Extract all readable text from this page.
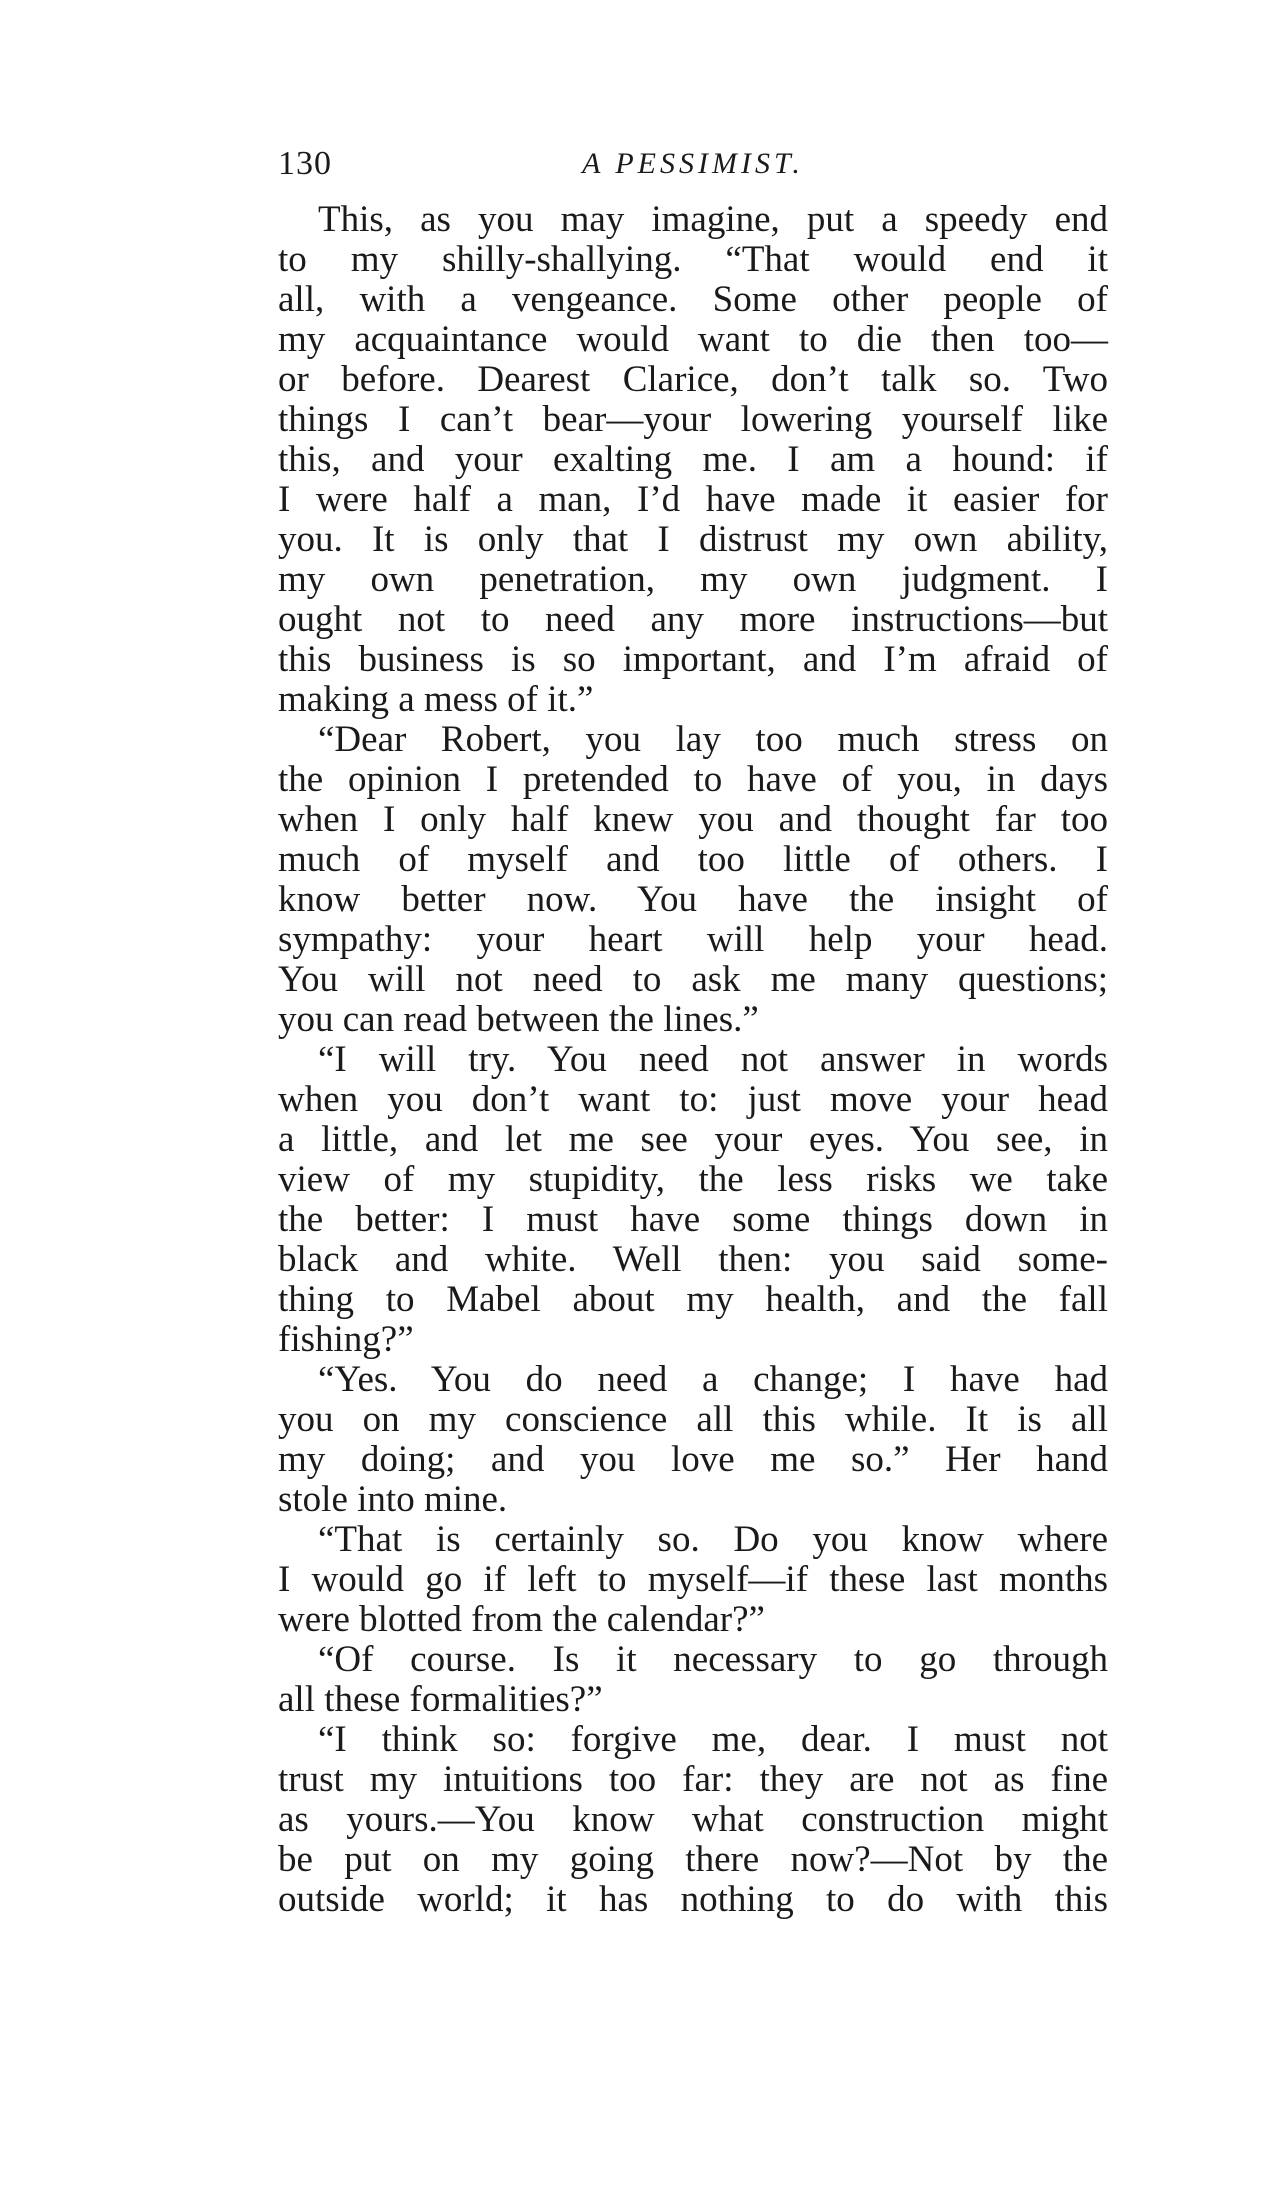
130	A PESSIMIST.
This, as you may imagine, put a speedy end
to my shilly-shallying. “That would end it
all, with a vengeance. Some other people of
my acquaintance would want to die then too—
or before. Dearest Clarice, don’t talk so. Two
things I can’t bear—your lowering yourself like
this, and your exalting me. I am a hound: if
I were half a man, I’d have made it easier for
you. It is only that I distrust my own ability,
my own penetration, my own judgment. I
ought not to need any more instructions—but
this business is so important, and I’m afraid of
making a mess of it.”
“Dear Robert, you lay too much stress on
the opinion I pretended to have of you, in days
when I only half knew you and thought far too
much of myself and too little of others. I
know better now. You have the insight of
sympathy: your heart will help your head.
You will not need to ask me many questions;
you can read between the lines.”
“I will try. You need not answer in words
when you don’t want to: just move your head
a little, and let me see your eyes. You see, in
view of my stupidity, the less risks we take
the better: I must have some things down in
black and white. Well then: you said some-
thing to Mabel about my health, and the fall
fishing?”
“Yes. You do need a change; I have had
you on my conscience all this while. It is all
my doing; and you love me so.” Her hand
stole into mine.
“That is certainly so. Do you know where
I would go if left to myself—if these last months
were blotted from the calendar?”
“Of course. Is it necessary to go through
all these formalities?”
“I think so: forgive me, dear. I must not
trust my intuitions too far: they are not as fine
as yours.—You know what construction might
be put on my going there now?—Not by the
outside world; it has nothing to do with this
